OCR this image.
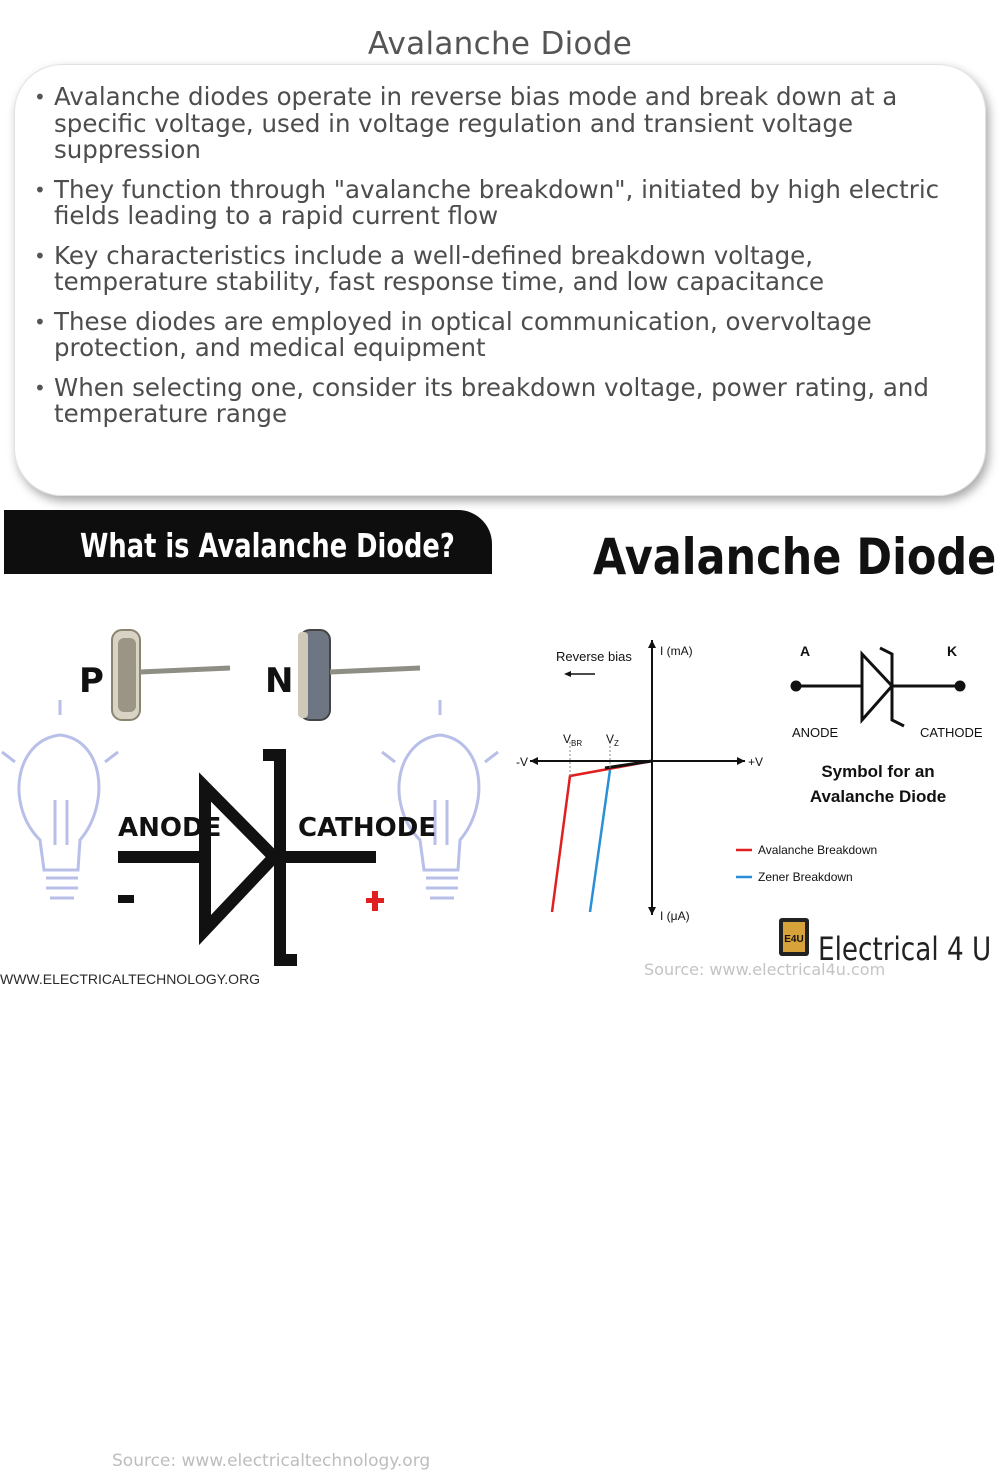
Avalanche Diode
• Avalanche diodes operate in reverse bias mode and break down at a specific voltage, used in voltage regulation and transient voltage suppression
• They function through "avalanche breakdown", initiated by high electric fields leading to a rapid current flow
• Key characteristics include a well-defined breakdown voltage, temperature stability, fast response time, and low capacitance
• These diodes are employed in optical communication, overvoltage protection, and medical equipment
• When selecting one, consider its breakdown voltage, power rating, and temperature range
What is Avalanche Diode?
P	N
ANODE	CATHODE
Source: www.electricaltechnology.org
WWW.ELECTRICALTECHNOLOGY.ORG
Avalanche Diode
Reverse bias I (mA)
I (μA)
-V	+V
$V_{BR}$ $V_Z$
Avalanche Breakdown
Zener Breakdown
A	K
ANODE	CATHODE
Symbol for an
Avalanche Diode
E4U Electrical 4 U
Source: www.electrical4u.com
